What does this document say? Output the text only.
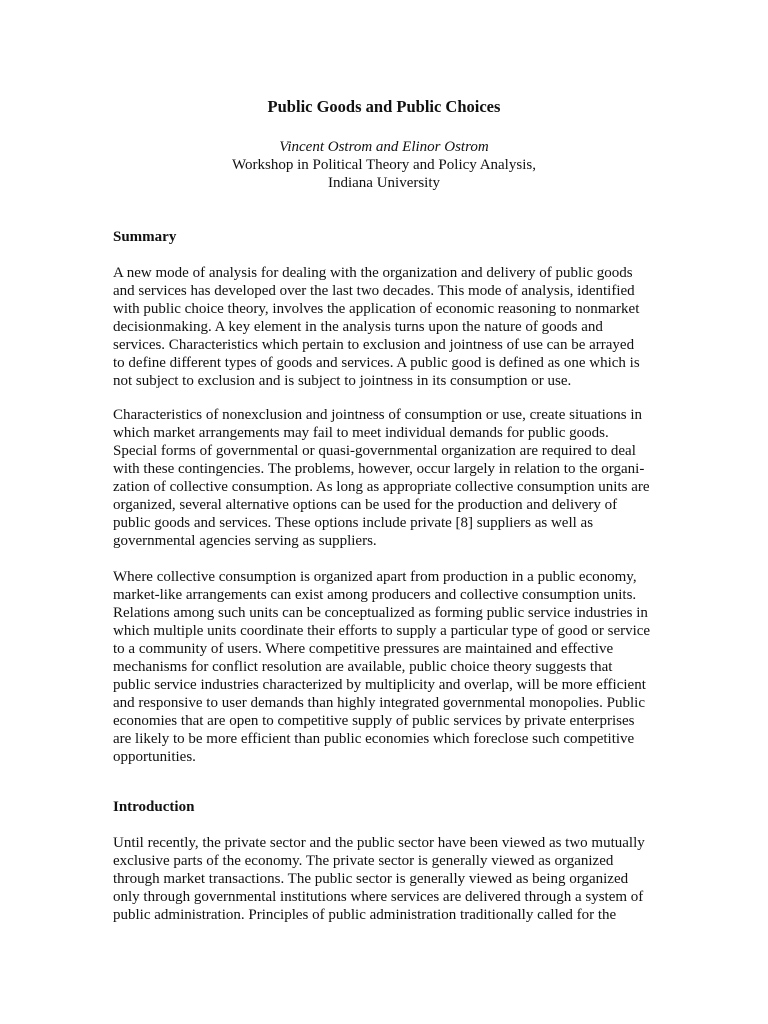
Public Goods and Public Choices
Vincent Ostrom and Elinor Ostrom
Workshop in Political Theory and Policy Analysis,
Indiana University
Summary
A new mode of analysis for dealing with the organization and delivery of public goods
and services has developed over the last two decades. This mode of analysis, identified
with public choice theory, involves the application of economic reasoning to nonmarket
decisionmaking. A key element in the analysis turns upon the nature of goods and
services. Characteristics which pertain to exclusion and jointness of use can be arrayed
to define different types of goods and services. A public good is defined as one which is
not subject to exclusion and is subject to jointness in its consumption or use.
Characteristics of nonexclusion and jointness of consumption or use, create situations in
which market arrangements may fail to meet individual demands for public goods.
Special forms of governmental or quasi-governmental organization are required to deal
with these contingencies. The problems, however, occur largely in relation to the organi-
zation of collective consumption. As long as appropriate collective consumption units are
organized, several alternative options can be used for the production and delivery of
public goods and services. These options include private [8] suppliers as well as
governmental agencies serving as suppliers.
Where collective consumption is organized apart from production in a public economy,
market-like arrangements can exist among producers and collective consumption units.
Relations among such units can be conceptualized as forming public service industries in
which multiple units coordinate their efforts to supply a particular type of good or service
to a community of users. Where competitive pressures are maintained and effective
mechanisms for conflict resolution are available, public choice theory suggests that
public service industries characterized by multiplicity and overlap, will be more efficient
and responsive to user demands than highly integrated governmental monopolies. Public
economies that are open to competitive supply of public services by private enterprises
are likely to be more efficient than public economies which foreclose such competitive
opportunities.
Introduction
Until recently, the private sector and the public sector have been viewed as two mutually
exclusive parts of the economy. The private sector is generally viewed as organized
through market transactions. The public sector is generally viewed as being organized
only through governmental institutions where services are delivered through a system of
public administration. Principles of public administration traditionally called for the
